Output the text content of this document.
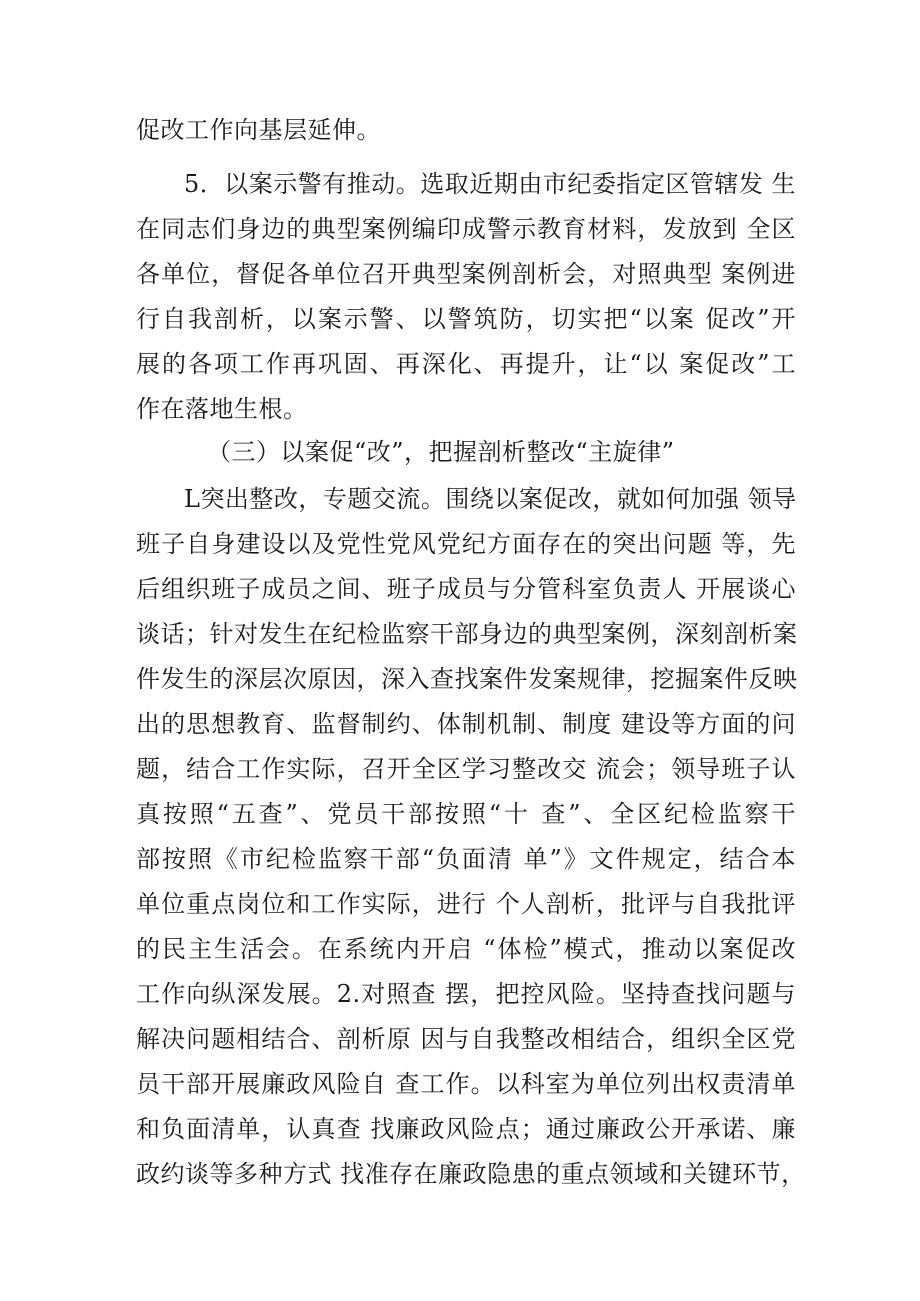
促改工作向基层延伸。
5．以案示警有推动。选取近期由市纪委指定区管辖发 生
在同志们身边的典型案例编印成警示教育材料，发放到 全区
各单位，督促各单位召开典型案例剖析会，对照典型 案例进
行自我剖析，以案示警、以警筑防，切实把“以案 促改”开
展的各项工作再巩固、再深化、再提升，让“以 案促改”工
作在落地生根。
（三）以案促“改”，把握剖析整改“主旋律”
L突出整改，专题交流。围绕以案促改，就如何加强 领导
班子自身建设以及党性党风党纪方面存在的突出问题 等，先
后组织班子成员之间、班子成员与分管科室负责人 开展谈心
谈话；针对发生在纪检监察干部身边的典型案例，深刻剖析案
件发生的深层次原因，深入查找案件发案规律，挖掘案件反映
出的思想教育、监督制约、体制机制、制度 建设等方面的问
题，结合工作实际，召开全区学习整改交 流会；领导班子认
真按照“五查”、党员干部按照“十 查”、全区纪检监察干
部按照《市纪检监察干部“负面清 单”》文件规定，结合本
单位重点岗位和工作实际，进行 个人剖析，批评与自我批评
的民主生活会。在系统内开启 “体检”模式，推动以案促改
工作向纵深发展。2.对照查 摆，把控风险。坚持查找问题与
解决问题相结合、剖析原 因与自我整改相结合，组织全区党
员干部开展廉政风险自 查工作。以科室为单位列出权责清单
和负面清单，认真查 找廉政风险点；通过廉政公开承诺、廉
政约谈等多种方式 找准存在廉政隐患的重点领域和关键环节，
